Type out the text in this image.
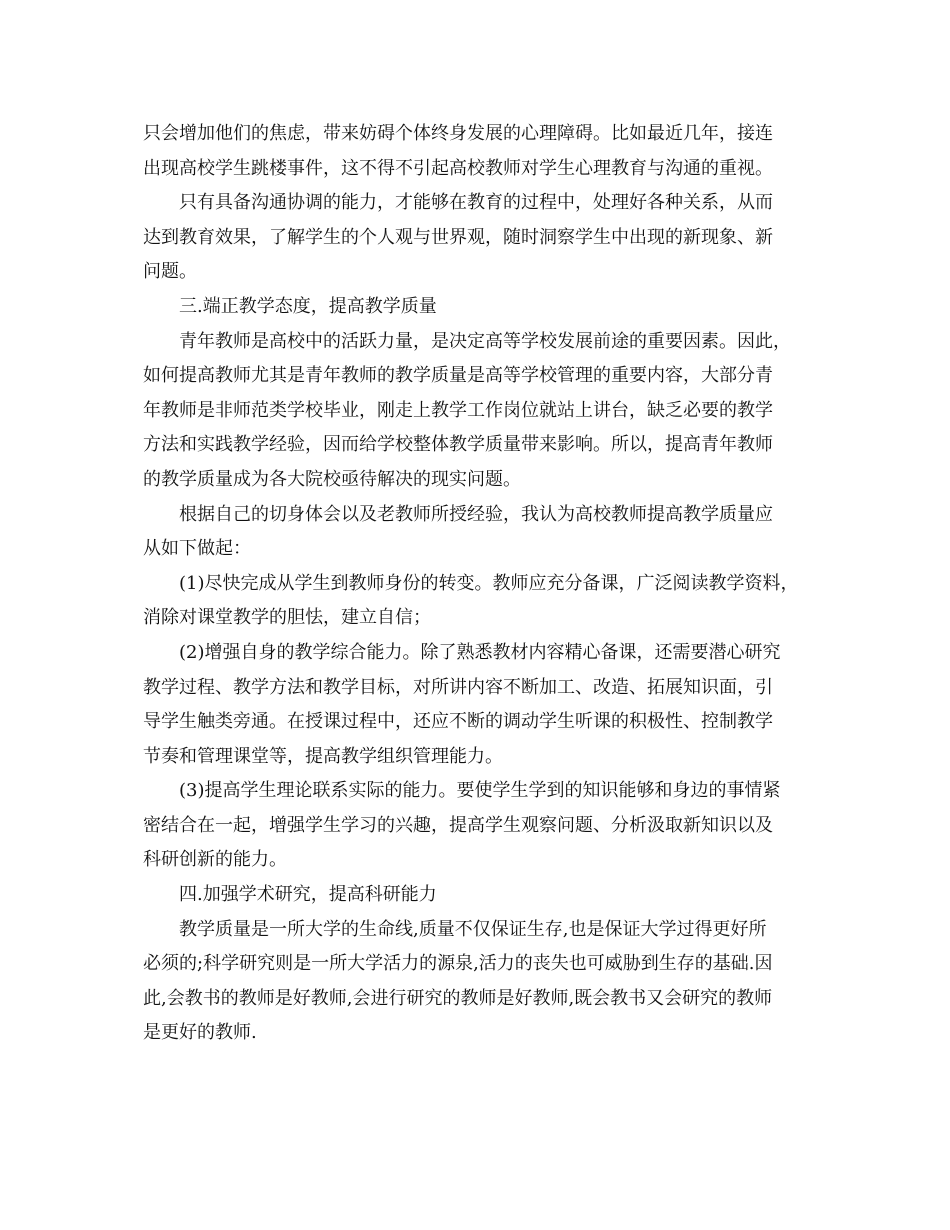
只会增加他们的焦虑，带来妨碍个体终身发展的心理障碍。比如最近几年，接连
出现高校学生跳楼事件，这不得不引起高校教师对学生心理教育与沟通的重视。
只有具备沟通协调的能力，才能够在教育的过程中，处理好各种关系，从而
达到教育效果，了解学生的个人观与世界观，随时洞察学生中出现的新现象、新
问题。
三.端正教学态度，提高教学质量
青年教师是高校中的活跃力量，是决定高等学校发展前途的重要因素。因此，
如何提高教师尤其是青年教师的教学质量是高等学校管理的重要内容，大部分青
年教师是非师范类学校毕业，刚走上教学工作岗位就站上讲台，缺乏必要的教学
方法和实践教学经验，因而给学校整体教学质量带来影响。所以，提高青年教师
的教学质量成为各大院校亟待解决的现实问题。
根据自己的切身体会以及老教师所授经验，我认为高校教师提高教学质量应
从如下做起：
(1)尽快完成从学生到教师身份的转变。教师应充分备课，广泛阅读教学资料，
消除对课堂教学的胆怯，建立自信；
(2)增强自身的教学综合能力。除了熟悉教材内容精心备课，还需要潜心研究
教学过程、教学方法和教学目标，对所讲内容不断加工、改造、拓展知识面，引
导学生触类旁通。在授课过程中，还应不断的调动学生听课的积极性、控制教学
节奏和管理课堂等，提高教学组织管理能力。
(3)提高学生理论联系实际的能力。要使学生学到的知识能够和身边的事情紧
密结合在一起，增强学生学习的兴趣，提高学生观察问题、分析汲取新知识以及
科研创新的能力。
四.加强学术研究，提高科研能力
教学质量是一所大学的生命线,质量不仅保证生存,也是保证大学过得更好所
必须的;科学研究则是一所大学活力的源泉,活力的丧失也可威胁到生存的基础.因
此,会教书的教师是好教师,会进行研究的教师是好教师,既会教书又会研究的教师
是更好的教师.
